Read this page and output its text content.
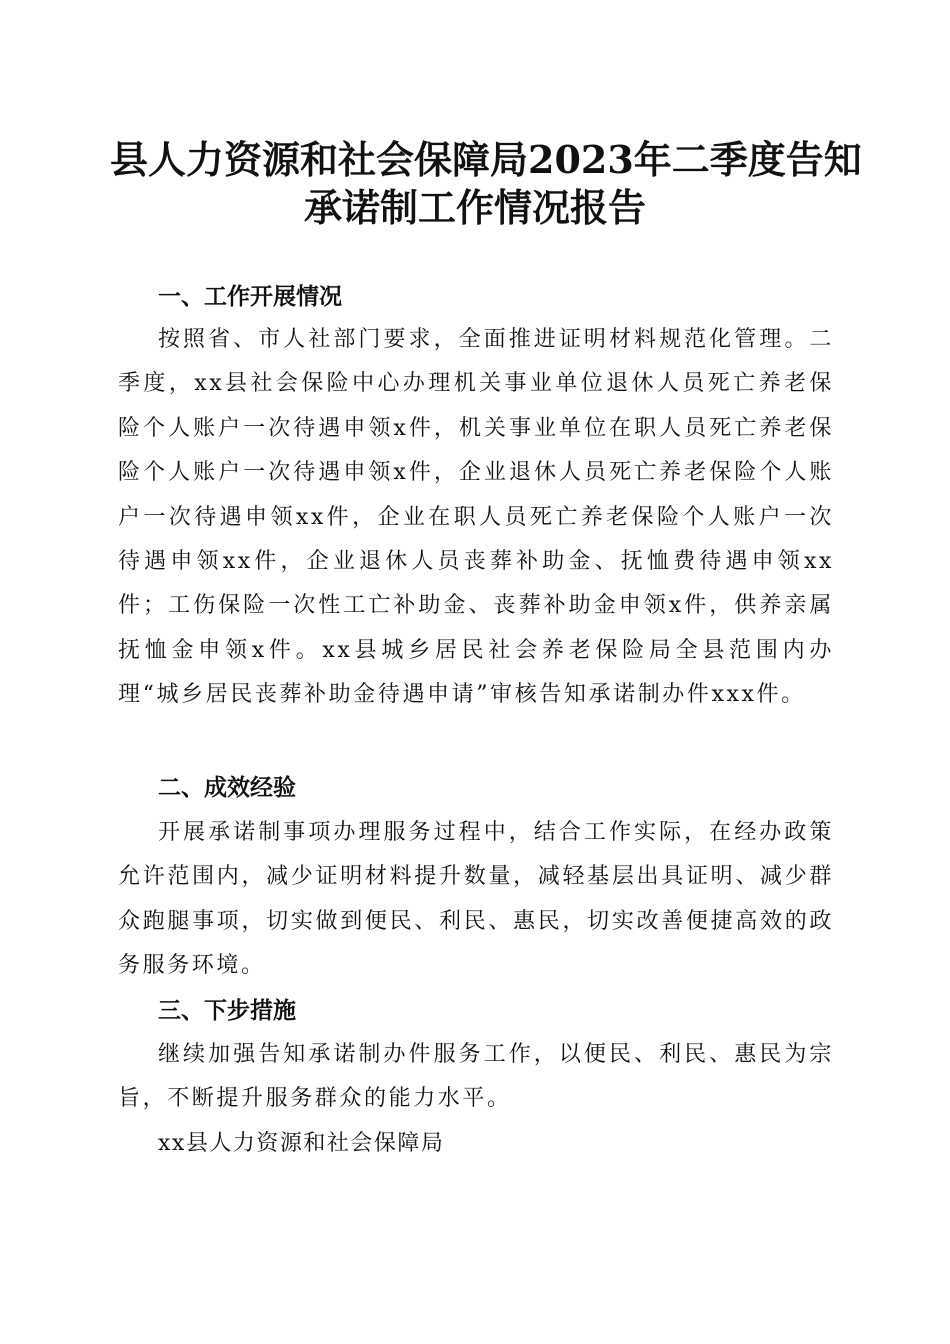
县人力资源和社会保障局2023年二季度告知
承诺制工作情况报告
一、工作开展情况
按照省、市人社部门要求，全面推进证明材料规范化管理。二季度，xx县社会保险中心办理机关事业单位退休人员死亡养老保险个人账户一次待遇申领x件，机关事业单位在职人员死亡养老保险个人账户一次待遇申领x件，企业退休人员死亡养老保险个人账户一次待遇申领xx件，企业在职人员死亡养老保险个人账户一次待遇申领xx件，企业退休人员丧葬补助金、抚恤费待遇申领xx件；工伤保险一次性工亡补助金、丧葬补助金申领x件，供养亲属抚恤金申领x件。xx县城乡居民社会养老保险局全县范围内办理“城乡居民丧葬补助金待遇申请”审核告知承诺制办件xxx件。
二、成效经验
开展承诺制事项办理服务过程中，结合工作实际，在经办政策允许范围内，减少证明材料提升数量，减轻基层出具证明、减少群众跑腿事项，切实做到便民、利民、惠民，切实改善便捷高效的政务服务环境。
三、下步措施
继续加强告知承诺制办件服务工作，以便民、利民、惠民为宗旨，不断提升服务群众的能力水平。
xx县人力资源和社会保障局
